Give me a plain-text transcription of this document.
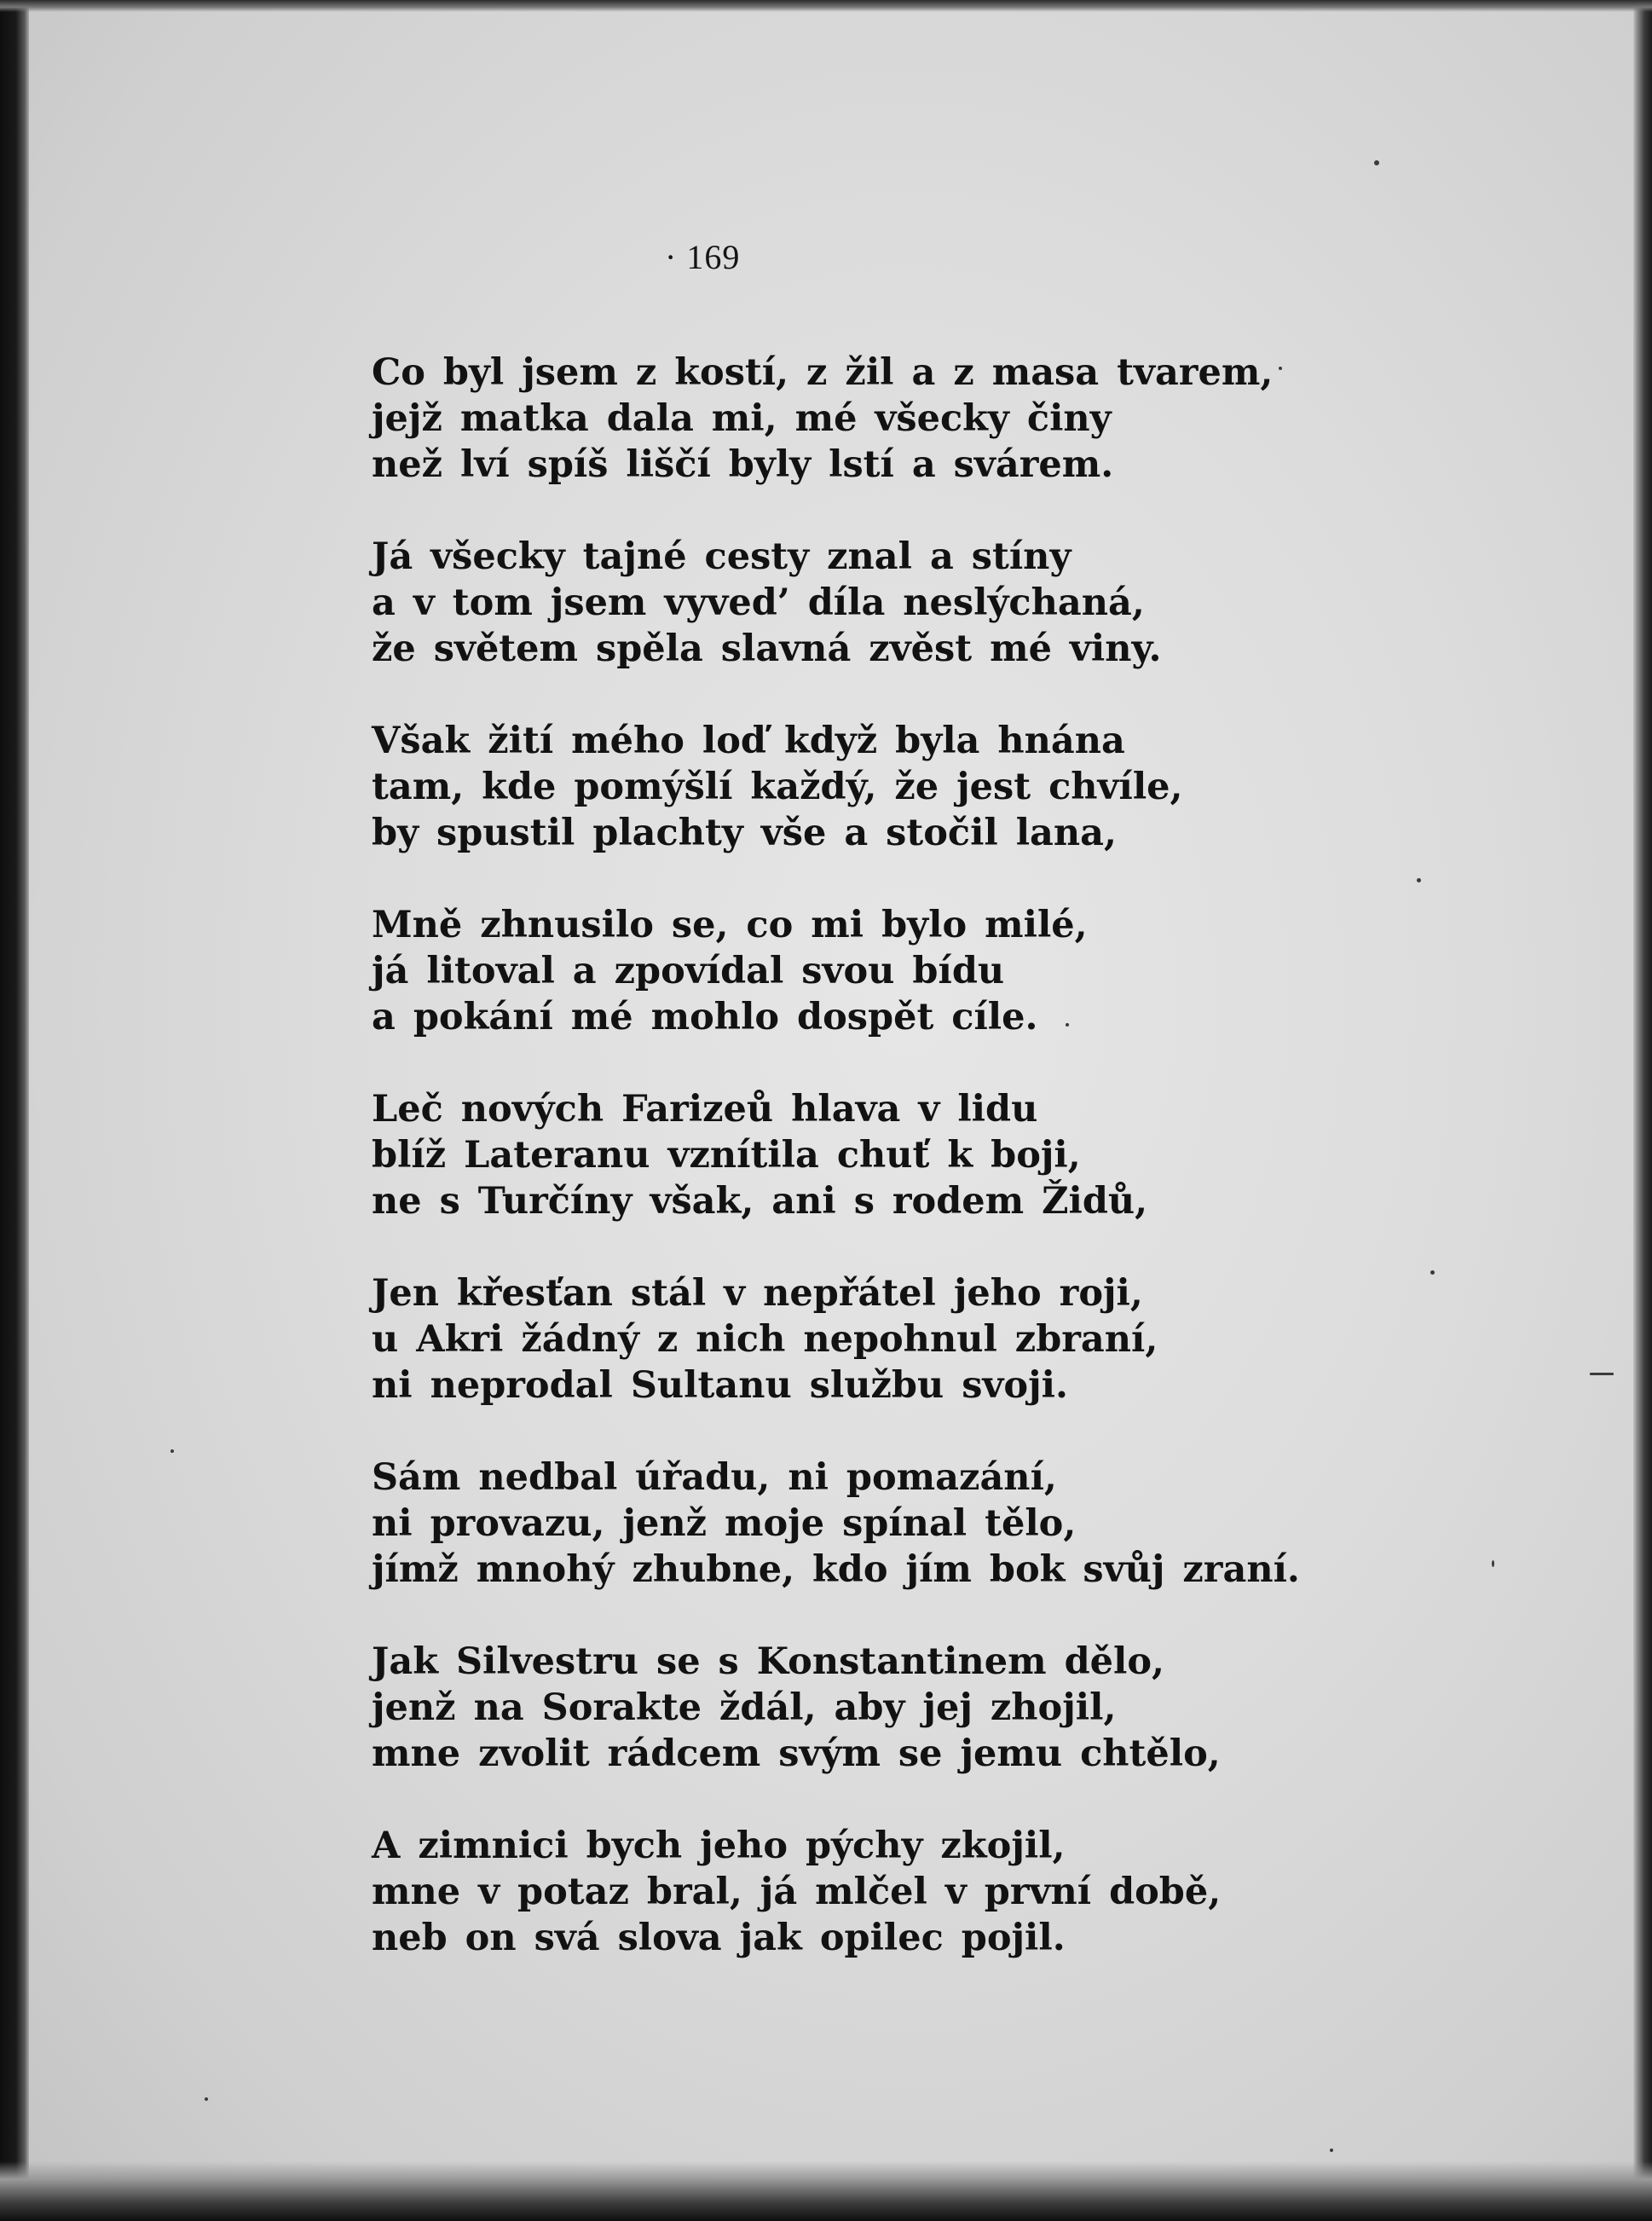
· 169
Co byl jsem z kostí, z žil a z masa tvarem,
jejž matka dala mi, mé všecky činy
než lví spíš liščí byly lstí a svárem.
Já všecky tajné cesty znal a stíny
a v tom jsem vyved’ díla neslýchaná,
že světem spěla slavná zvěst mé viny.
Však žití mého loď když byla hnána
tam, kde pomýšlí každý, že jest chvíle,
by spustil plachty vše a stočil lana,
Mně zhnusilo se, co mi bylo milé,
já litoval a zpovídal svou bídu
a pokání mé mohlo dospět cíle.
Leč nových Farizeů hlava v lidu
blíž Lateranu vznítila chuť k boji,
ne s Turčíny však, ani s rodem Židů,
Jen křesťan stál v nepřátel jeho roji,
u Akri žádný z nich nepohnul zbraní,
ni neprodal Sultanu službu svoji.
Sám nedbal úřadu, ni pomazání,
ni provazu, jenž moje spínal tělo,
jímž mnohý zhubne, kdo jím bok svůj zraní.
Jak Silvestru se s Konstantinem dělo,
jenž na Sorakte ždál, aby jej zhojil,
mne zvolit rádcem svým se jemu chtělo,
A zimnici bych jeho pýchy zkojil,
mne v potaz bral, já mlčel v první době,
neb on svá slova jak opilec pojil.
